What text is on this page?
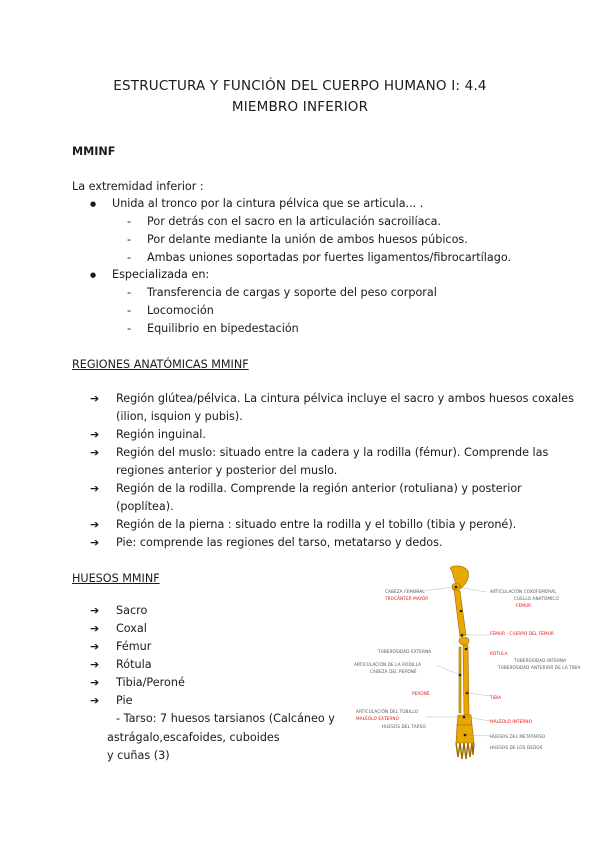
ESTRUCTURA Y FUNCIÓN DEL CUERPO HUMANO I: 4.4
MIEMBRO INFERIOR
MMINF
La extremidad inferior :
● Unida al tronco por la cintura pélvica que se articula... .
- Por detrás con el sacro en la articulación sacroilíaca.
- Por delante mediante la unión de ambos huesos púbicos.
- Ambas uniones soportadas por fuertes ligamentos/fibrocartílago.
● Especializada en:
- Transferencia de cargas y soporte del peso corporal
- Locomoción
- Equilibrio en bipedestación
REGIONES ANATÓMICAS MMINF
➔ Región glútea/pélvica. La cintura pélvica incluye el sacro y ambos huesos coxales
(ilion, isquion y pubis).
➔ Región inguinal.
➔ Región del muslo: situado entre la cadera y la rodilla (fémur). Comprende las
regiones anterior y posterior del muslo.
➔ Región de la rodilla. Comprende la región anterior (rotuliana) y posterior
(poplítea).
➔ Región de la pierna : situado entre la rodilla y el tobillo (tibia y peroné).
➔ Pie: comprende las regiones del tarso, metatarso y dedos.
HUESOS MMINF
➔ Sacro
➔ Coxal
➔ Fémur
➔ Rótula
➔ Tibia/Peroné
➔ Pie
- Tarso: 7 huesos tarsianos (Calcáneo y
astrágalo,escafoides, cuboides
y cuñas (3)
CABEZA FEMORAL
TROCÁNTER MAYOR
ARTICULACIÓN COXOFEMORAL
CUELLO ANATÓMICO
FÉMUR
FÉMUR · CUERPO DEL FÉMUR
TUBEROSIDAD EXTERNA
ARTICULACIÓN DE LA RODILLA
CABEZA DEL PERONÉ
RÓTULA
TUBEROSIDAD INTERNA
TUBEROSIDAD ANTERIOR DE LA TIBIA
PERONÉ
TIBIA
ARTICULACIÓN DEL TOBILLO
MALÉOLO EXTERNO
HUESOS DEL TARSO
MALÉOLO INTERNO
HUESOS DEL METATARSO
HUESOS DE LOS DEDOS
